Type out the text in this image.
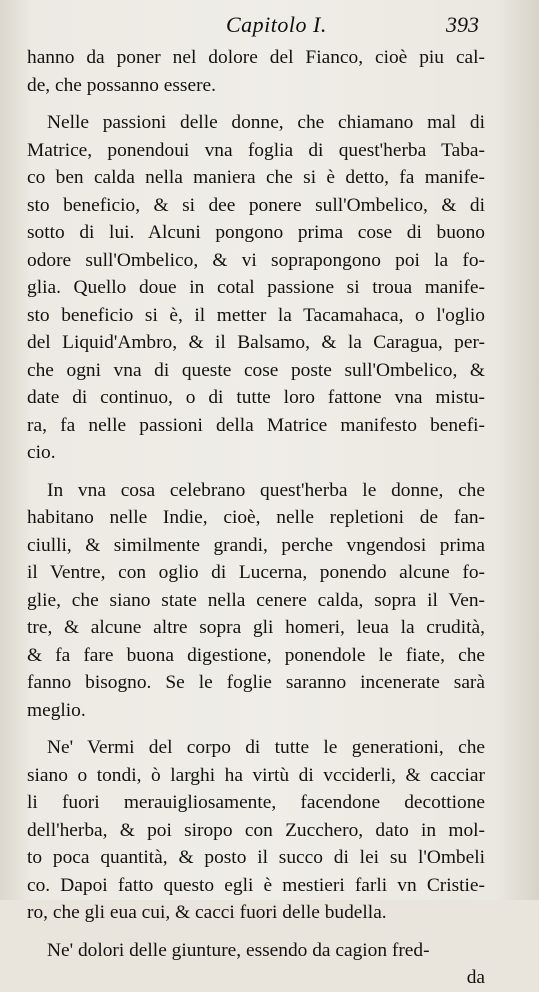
Capitolo I.	393
hanno da poner nel dolore del Fianco, cioè piu cal-
de, che possanno essere.
Nelle passioni delle donne, che chiamano mal di
Matrice, ponendoui vna foglia di quest'herba Taba-
co ben calda nella maniera che si è detto, fa manife-
sto beneficio, & si dee ponere sull'Ombelico, & di
sotto di lui. Alcuni pongono prima cose di buono
odore sull'Ombelico, & vi soprapongono poi la fo-
glia. Quello doue in cotal passione si troua manife-
sto beneficio si è, il metter la Tacamahaca, o l'oglio
del Liquid'Ambro, & il Balsamo, & la Caragua, per-
che ogni vna di queste cose poste sull'Ombelico, &
date di continuo, o di tutte loro fattone vna mistu-
ra, fa nelle passioni della Matrice manifesto benefi-
cio.
In vna cosa celebrano quest'herba le donne, che
habitano nelle Indie, cioè, nelle repletioni de fan-
ciulli, & similmente grandi, perche vngendosi prima
il Ventre, con oglio di Lucerna, ponendo alcune fo-
glie, che siano state nella cenere calda, sopra il Ven-
tre, & alcune altre sopra gli homeri, leua la crudità,
& fa fare buona digestione, ponendole le fiate, che
fanno bisogno. Se le foglie saranno incenerate sarà
meglio.
Ne' Vermi del corpo di tutte le generationi, che
siano o tondi, ò larghi ha virtù di vcciderli, & cacciar
li fuori merauigliosamente, facendone decottione
dell'herba, & poi siropo con Zucchero, dato in mol-
to poca quantità, & posto il succo di lei su l'Ombeli
co. Dapoi fatto questo egli è mestieri farli vn Cristie-
ro, che gli eua cui, & cacci fuori delle budella.
Ne' dolori delle giunture, essendo da cagion fred-
da
